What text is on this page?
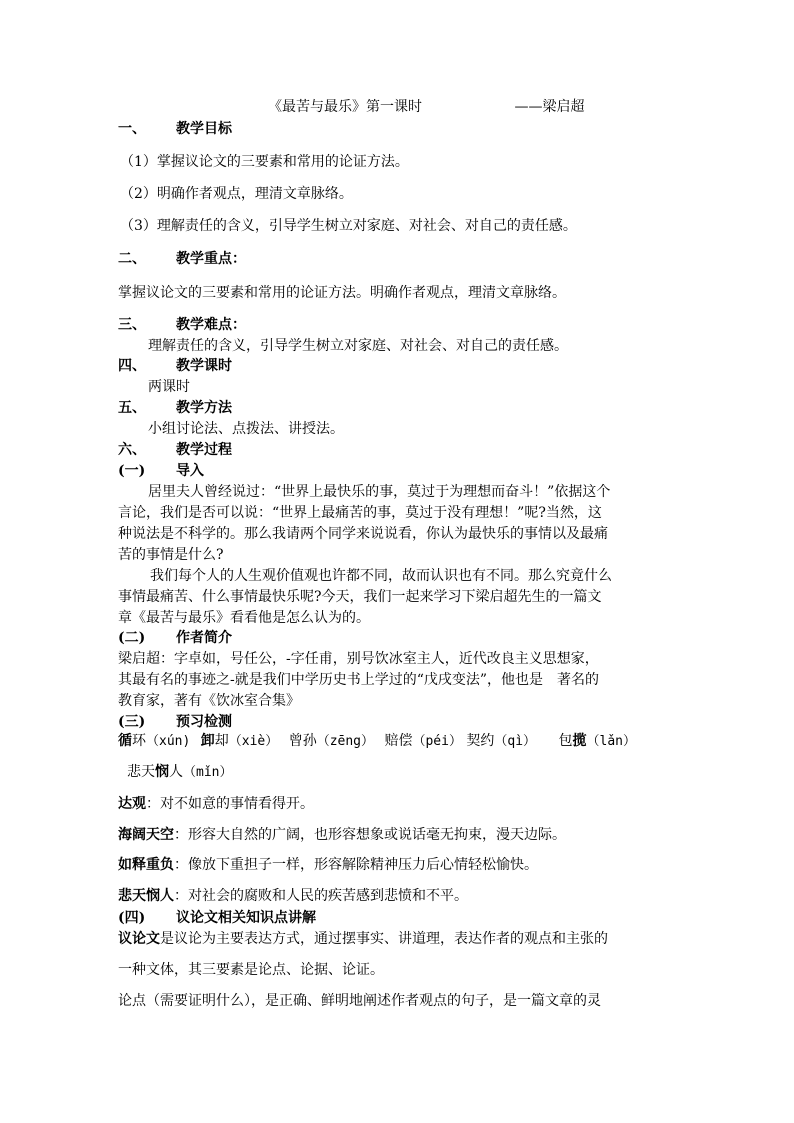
《最苦与最乐》第一课时	——梁启超
一、 教学目标
（1）掌握议论文的三要素和常用的论证方法。
（2）明确作者观点，理清文章脉络。
（3）理解责任的含义，引导学生树立对家庭、对社会、对自己的责任感。
二、 教学重点：
掌握议论文的三要素和常用的论证方法。明确作者观点，理清文章脉络。
三、 教学难点：
理解责任的含义，引导学生树立对家庭、对社会、对自己的责任感。
四、 教学课时
两课时
五、 教学方法
小组讨论法、点拨法、讲授法。
六、 教学过程
(一) 导入
居里夫人曾经说过：“世界上最快乐的事，莫过于为理想而奋斗！”依据这个
言论，我们是否可以说：“世界上最痛苦的事，莫过于没有理想！”呢?当然，这
种说法是不科学的。那么我请两个同学来说说看，你认为最快乐的事情以及最痛
苦的事情是什么?
我们每个人的人生观价值观也许都不同，故而认识也有不同。那么究竟什么
事情最痛苦、什么事情最快乐呢?今天，我们一起来学习下梁启超先生的一篇文
章《最苦与最乐》看看他是怎么认为的。
(二) 作者简介
梁启超：字卓如，号任公，-字任甫，别号饮冰室主人，近代改良主义思想家，
其最有名的事迹之-就是我们中学历史书上学过的“戊戌变法”，他也是　著名的
教育家，著有《饮冰室合集》
(三) 预习检测
循环（xún) 卸却（xiè） 曾孙（zēng） 赔偿（péi） 契约（qì） 包揽（lǎn）
悲天悯人（mǐn）
达观：对不如意的事情看得开。
海阔天空：形容大自然的广阔，也形容想象或说话毫无拘束，漫天边际。
如释重负：像放下重担子一样，形容解除精神压力后心情轻松愉快。
悲天悯人：对社会的腐败和人民的疾苦感到悲愤和不平。
(四) 议论文相关知识点讲解
议论文是议论为主要表达方式，通过摆事实、讲道理，表达作者的观点和主张的
一种文体，其三要素是论点、论据、论证。
论点（需要证明什么），是正确、鲜明地阐述作者观点的句子，是一篇文章的灵
